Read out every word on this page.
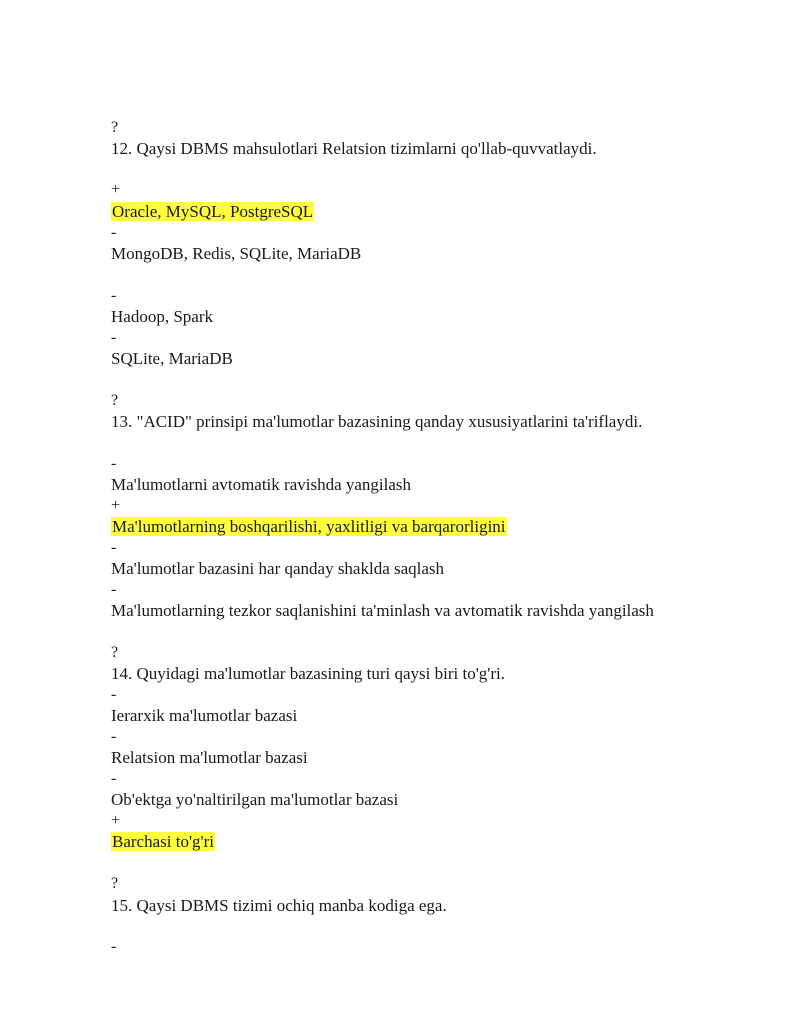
?
12. Qaysi DBMS mahsulotlari Relatsion tizimlarni qo'llab-quvvatlaydi.
+
Oracle, MySQL, PostgreSQL
-
MongoDB, Redis, SQLite, MariaDB
-
Hadoop, Spark
-
SQLite, MariaDB
?
13. "ACID" prinsipi ma'lumotlar bazasining qanday xususiyatlarini ta'riflaydi.
-
Ma'lumotlarni avtomatik ravishda yangilash
+
Ma'lumotlarning boshqarilishi, yaxlitligi va barqarorligini
-
Ma'lumotlar bazasini har qanday shaklda saqlash
-
Ma'lumotlarning tezkor saqlanishini ta'minlash va avtomatik ravishda yangilash
?
14. Quyidagi ma'lumotlar bazasining turi qaysi biri to'g'ri.
-
Ierarxik ma'lumotlar bazasi
-
Relatsion ma'lumotlar bazasi
-
Ob'ektga yo'naltirilgan ma'lumotlar bazasi
+
Barchasi to'g'ri
?
15. Qaysi DBMS tizimi ochiq manba kodiga ega.
-
